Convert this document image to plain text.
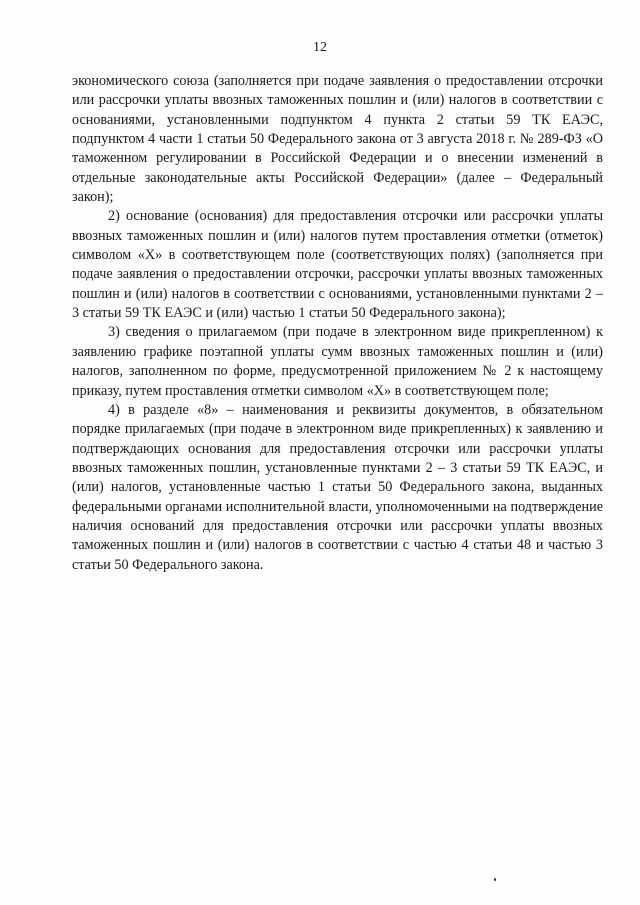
12

экономического союза (заполняется при подаче заявления о предоставлении отсрочки или рассрочки уплаты ввозных таможенных пошлин и (или) налогов в соответствии с основаниями, установленными подпунктом 4 пункта 2 статьи 59 ТК ЕАЭС, подпунктом 4 части 1 статьи 50 Федерального закона от 3 августа 2018 г. № 289-ФЗ «О таможенном регулировании в Российской Федерации и о внесении изменений в отдельные законодательные акты Российской Федерации» (далее – Федеральный закон);

2) основание (основания) для предоставления отсрочки или рассрочки уплаты ввозных таможенных пошлин и (или) налогов путем проставления отметки (отметок) символом «X» в соответствующем поле (соответствующих полях) (заполняется при подаче заявления о предоставлении отсрочки, рассрочки уплаты ввозных таможенных пошлин и (или) налогов в соответствии с основаниями, установленными пунктами 2 – 3 статьи 59 ТК ЕАЭС и (или) частью 1 статьи 50 Федерального закона);

3) сведения о прилагаемом (при подаче в электронном виде прикрепленном) к заявлению графике поэтапной уплаты сумм ввозных таможенных пошлин и (или) налогов, заполненном по форме, предусмотренной приложением № 2 к настоящему приказу, путем проставления отметки символом «X» в соответствующем поле;

4) в разделе «8» – наименования и реквизиты документов, в обязательном порядке прилагаемых (при подаче в электронном виде прикрепленных) к заявлению и подтверждающих основания для предоставления отсрочки или рассрочки уплаты ввозных таможенных пошлин, установленные пунктами 2 – 3 статьи 59 ТК ЕАЭС, и (или) налогов, установленные частью 1 статьи 50 Федерального закона, выданных федеральными органами исполнительной власти, уполномоченными на подтверждение наличия оснований для предоставления отсрочки или рассрочки уплаты ввозных таможенных пошлин и (или) налогов в соответствии с частью 4 статьи 48 и частью 3 статьи 50 Федерального закона.
